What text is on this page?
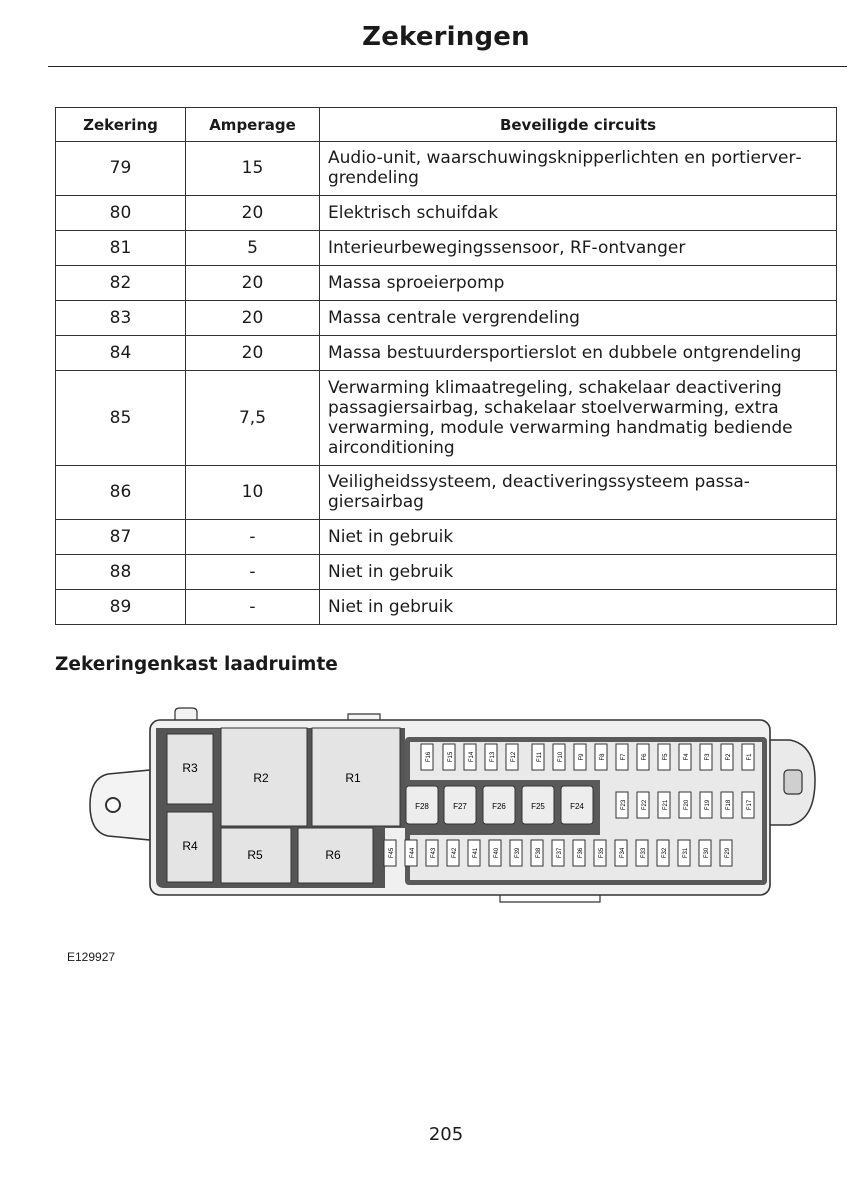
Zekeringen
Zekering	Amperage	Beveiligde circuits
79	15	Audio-unit, waarschuwingsknipperlichten en portiervergrendeling
80	20	Elektrisch schuifdak
81	5	Interieurbewegingssensoor, RF-ontvanger
82	20	Massa sproeierpomp
83	20	Massa centrale vergrendeling
84	20	Massa bestuurdersportierslot en dubbele ontgrendeling
85	7,5	Verwarming klimaatregeling, schakelaar deactivering passagiersairbag, schakelaar stoelverwarming, extra verwarming, module verwarming handmatig bediende airconditioning
86	10	Veiligheidssysteem, deactiveringssysteem passagiersairbag
87	-	Niet in gebruik
88	-	Niet in gebruik
89	-	Niet in gebruik
Zekeringenkast laadruimte
R3
R2	R1
R4
R5	R6
F16	F15	F14	F13	F12	F11	F10	F9	F8	F7	F6	F5	F4	F3	F2	F1
F28	F27	F26	F25	F24	F23	F22	F21	F20	F19	F18	F17
F45	F44	F43	F42	F41	F40	F39	F38	F37	F36	F35	F34	F33	F32	F31	F30	F29
E129927
205
